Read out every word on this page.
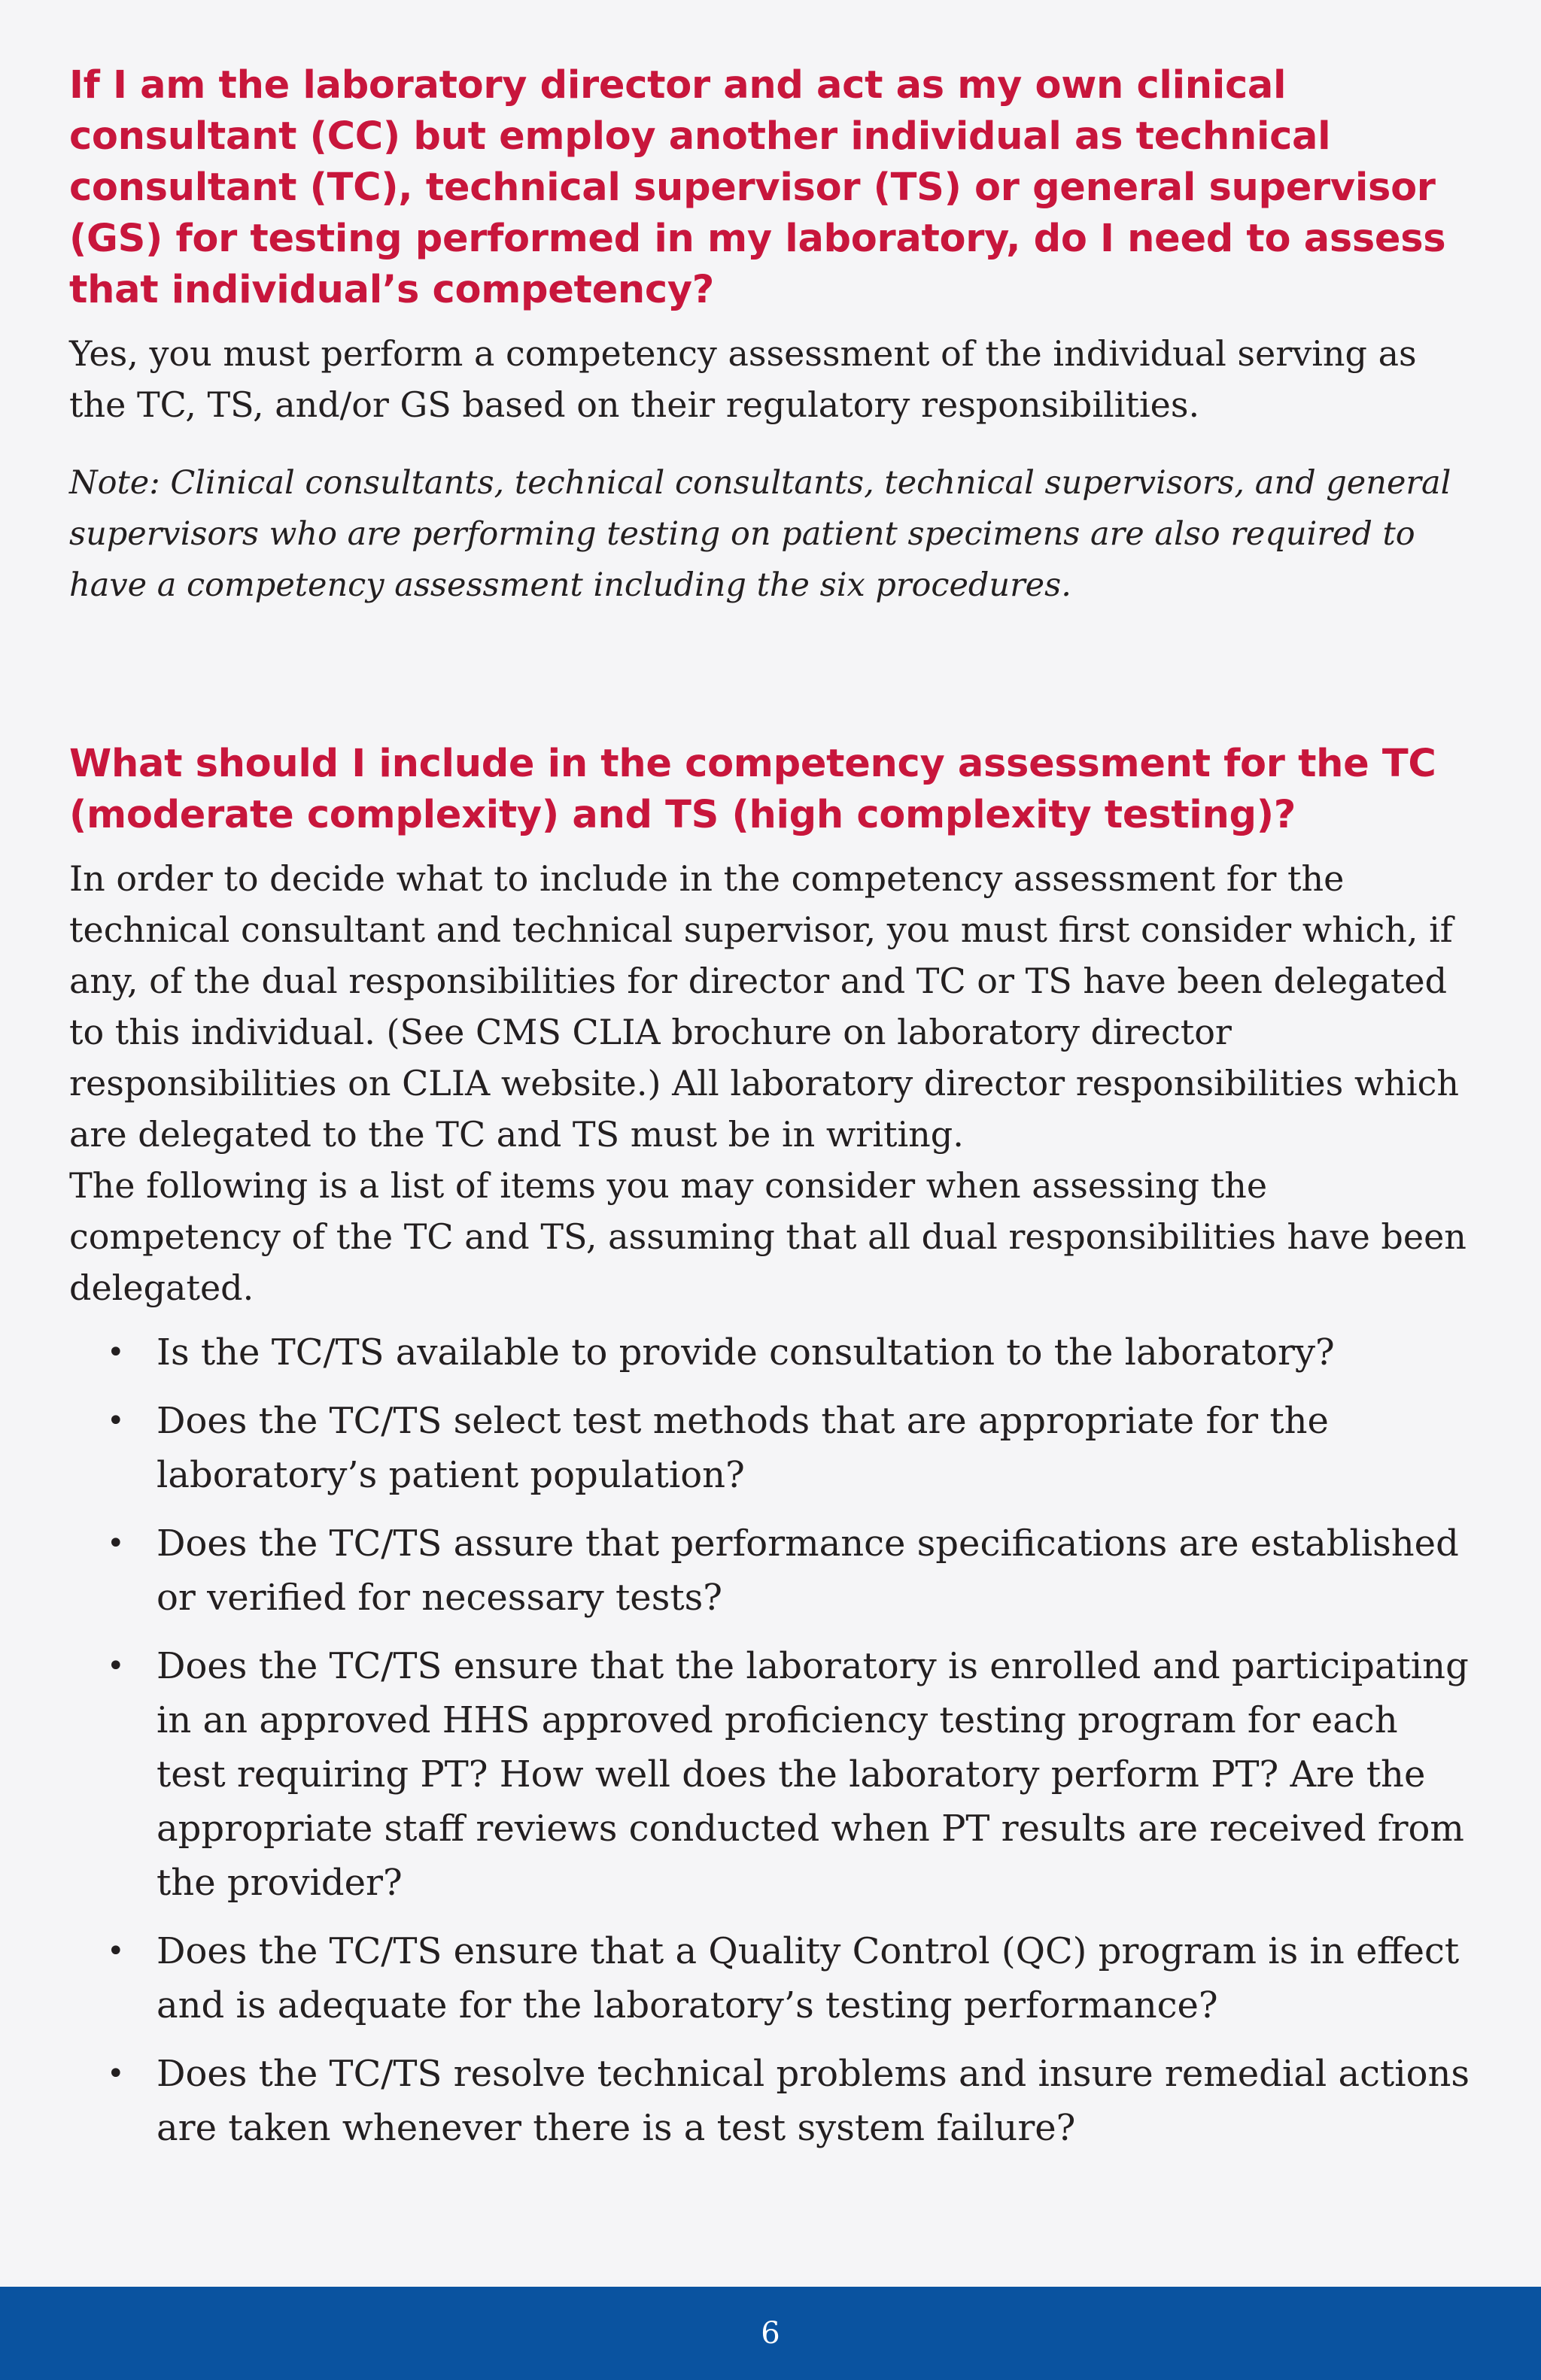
If I am the laboratory director and act as my own clinical consultant (CC) but employ another individual as technical consultant (TC), technical supervisor (TS) or general supervisor (GS) for testing performed in my laboratory, do I need to assess that individual’s competency?

Yes, you must perform a competency assessment of the individual serving as the TC, TS, and/or GS based on their regulatory responsibilities.

Note: Clinical consultants, technical consultants, technical supervisors, and general supervisors who are performing testing on patient specimens are also required to have a competency assessment including the six procedures.

What should I include in the competency assessment for the TC (moderate complexity) and TS (high complexity testing)?

In order to decide what to include in the competency assessment for the technical consultant and technical supervisor, you must first consider which, if any, of the dual responsibilities for director and TC or TS have been delegated to this individual. (See CMS CLIA brochure on laboratory director responsibilities on CLIA website.) All laboratory director responsibilities which are delegated to the TC and TS must be in writing.

The following is a list of items you may consider when assessing the competency of the TC and TS, assuming that all dual responsibilities have been delegated.

• Is the TC/TS available to provide consultation to the laboratory?
• Does the TC/TS select test methods that are appropriate for the laboratory’s patient population?
• Does the TC/TS assure that performance specifications are established or verified for necessary tests?
• Does the TC/TS ensure that the laboratory is enrolled and participating in an approved HHS approved proficiency testing program for each test requiring PT? How well does the laboratory perform PT? Are the appropriate staff reviews conducted when PT results are received from the provider?
• Does the TC/TS ensure that a Quality Control (QC) program is in effect and is adequate for the laboratory’s testing performance?
• Does the TC/TS resolve technical problems and insure remedial actions are taken whenever there is a test system failure?
6
